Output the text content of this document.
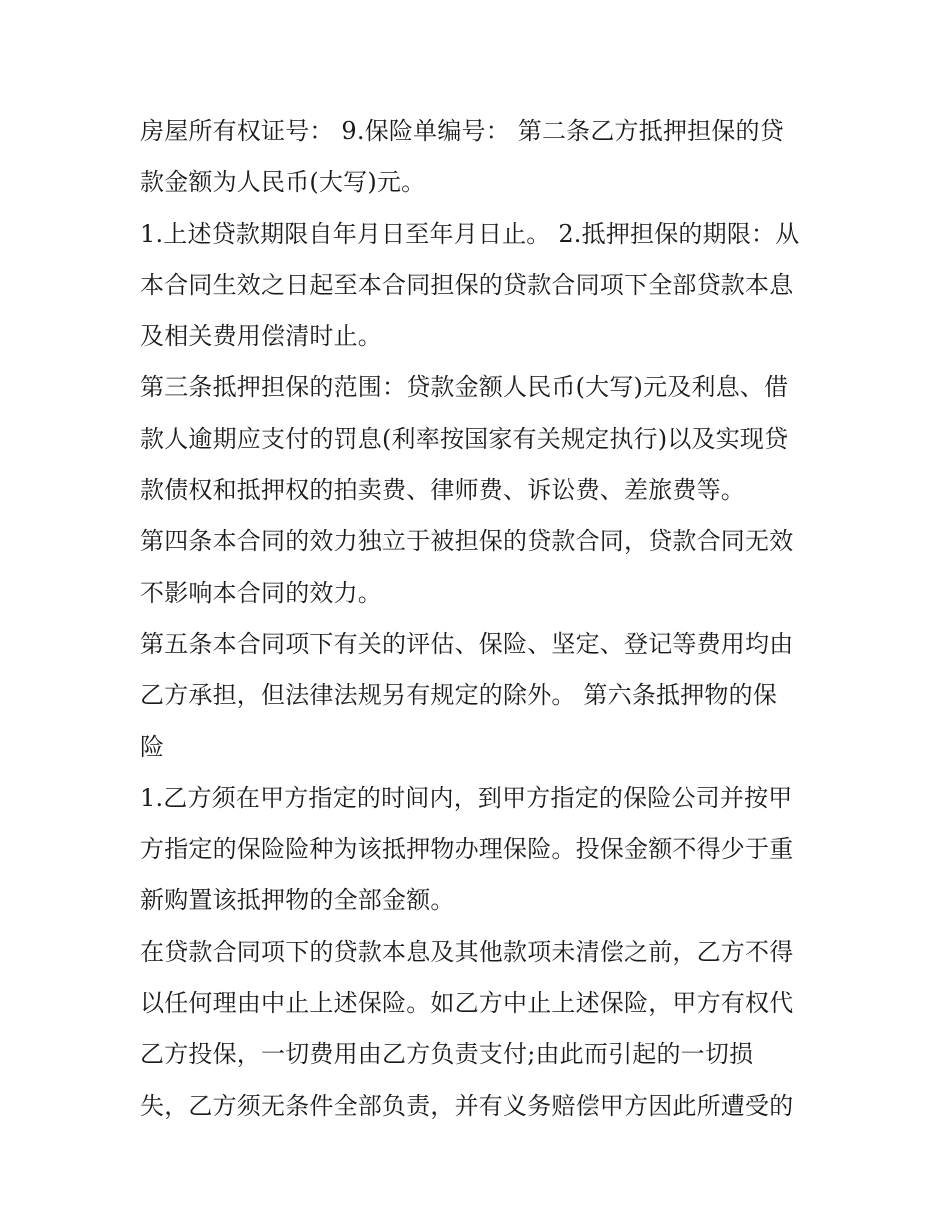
房屋所有权证号： 9.保险单编号： 第二条乙方抵押担保的贷
款金额为人民币(大写)元。
1.上述贷款期限自年月日至年月日止。 2.抵押担保的期限：从
本合同生效之日起至本合同担保的贷款合同项下全部贷款本息
及相关费用偿清时止。
第三条抵押担保的范围：贷款金额人民币(大写)元及利息、借
款人逾期应支付的罚息(利率按国家有关规定执行)以及实现贷
款债权和抵押权的拍卖费、律师费、诉讼费、差旅费等。
第四条本合同的效力独立于被担保的贷款合同，贷款合同无效
不影响本合同的效力。
第五条本合同项下有关的评估、保险、坚定、登记等费用均由
乙方承担，但法律法规另有规定的除外。 第六条抵押物的保
险
1.乙方须在甲方指定的时间内，到甲方指定的保险公司并按甲
方指定的保险险种为该抵押物办理保险。投保金额不得少于重
新购置该抵押物的全部金额。
在贷款合同项下的贷款本息及其他款项未清偿之前，乙方不得
以任何理由中止上述保险。如乙方中止上述保险，甲方有权代
乙方投保，一切费用由乙方负责支付;由此而引起的一切损
失，乙方须无条件全部负责，并有义务赔偿甲方因此所遭受的
